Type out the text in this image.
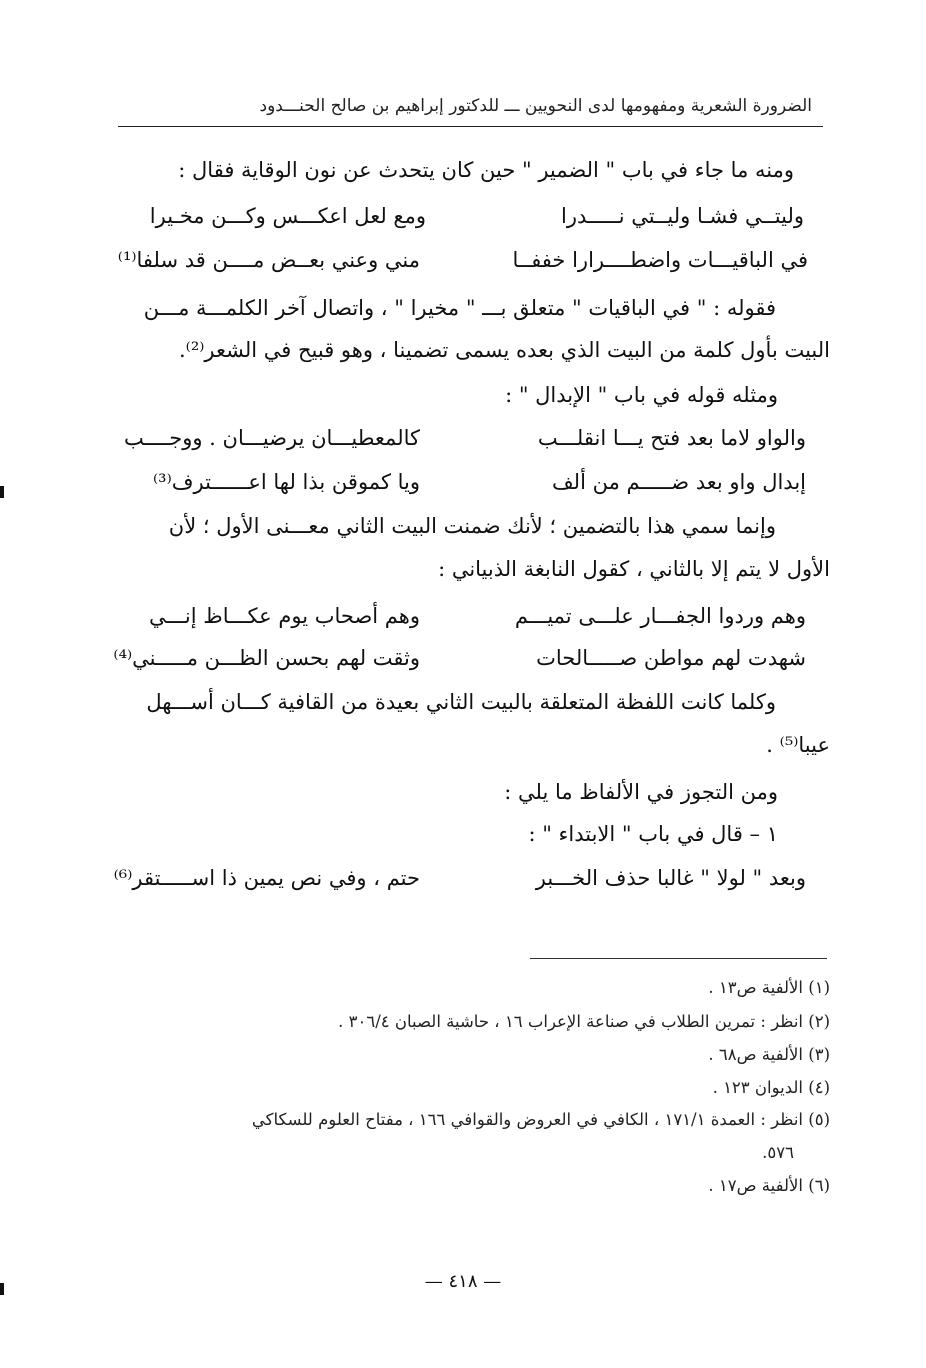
الضرورة الشعرية ومفهومها لدى النحويين ـــ للدكتور إبراهيم بن صالح الحنـــدود
ومنه ما جاء في باب " الضمير " حين كان يتحدث عن نون الوقاية فقال :
وليتــي فشـا وليــتي نـــــدرا
ومع لعل اعكـــس وكـــن مخـيرا
في الباقيـــات واضطــــرارا خففــا
مني وعني بعــض مــــن قد سلفا⁽¹⁾
فقوله : " في الباقيات " متعلق بـــ " مخيرا " ، واتصال آخر الكلمـــة مـــن
البيت بأول كلمة من البيت الذي بعده يسمى تضمينا ، وهو قبيح في الشعر⁽²⁾.
ومثله قوله في باب " الإبدال " :
والواو لاما بعد فتح يـــا انقلـــب
كالمعطيـــان يرضيـــان . ووجــــب
إبدال واو بعد ضـــــم من ألف
ويا كموقن بذا لها اعــــــترف⁽³⁾
وإنما سمي هذا بالتضمين ؛ لأنك ضمنت البيت الثاني معـــنى الأول ؛ لأن
الأول لا يتم إلا بالثاني ، كقول النابغة الذبياني :
وهم وردوا الجفـــار علـــى تميـــم
وهم أصحاب يوم عكـــاظ إنـــي
شهدت لهم مواطن صـــــالحات
وثقت لهم بحسن الظـــن مـــــني⁽⁴⁾
وكلما كانت اللفظة المتعلقة بالبيت الثاني بعيدة من القافية كـــان أســـهل
عيبا⁽⁵⁾ .
ومن التجوز في الألفاظ ما يلي :
١ – قال في باب " الابتداء " :
وبعد " لولا " غالبا حذف الخـــبر
حتم ، وفي نص يمين ذا اســـــتقر⁽⁶⁾
(١) الألفية ص١٣ .
(٢) انظر : تمرين الطلاب في صناعة الإعراب ١٦ ، حاشية الصبان ٣٠٦/٤ .
(٣) الألفية ص٦٨ .
(٤) الديوان ١٢٣ .
(٥) انظر : العمدة ١٧١/١ ، الكافي في العروض والقوافي ١٦٦ ، مفتاح العلوم للسكاكي
٥٧٦.
(٦) الألفية ص١٧ .
— ٤١٨ —
